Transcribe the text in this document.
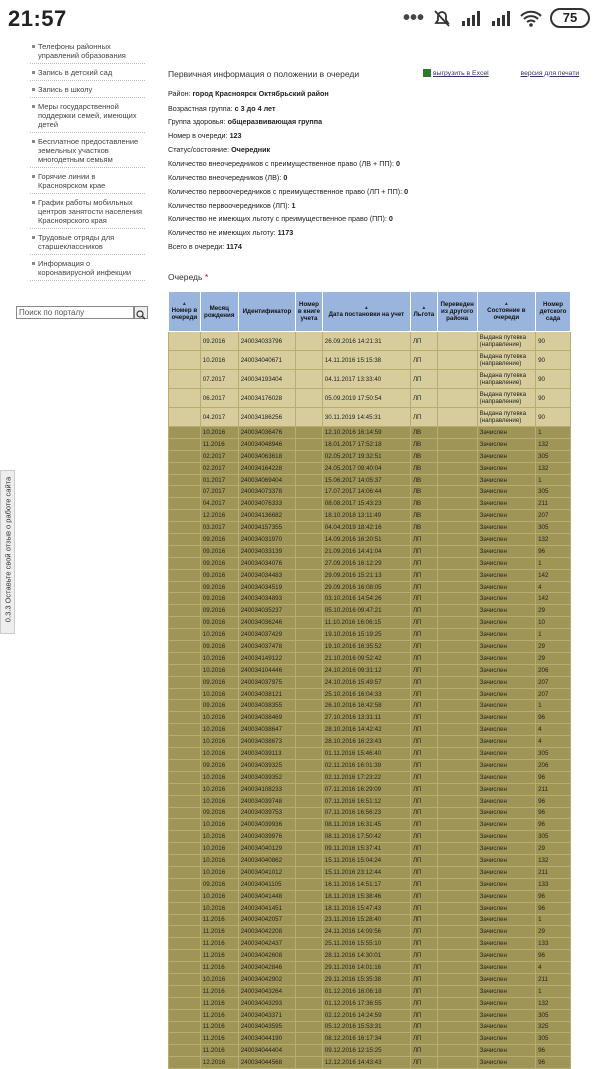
21:57	•••	75
Телефоны районных управлений образования
Запись в детский сад
Запись в школу
Меры государственной поддержки семей, имеющих детей
Бесплатное предоставление земельных участков многодетным семьям
Горячие линии в Красноярском крае
График работы мобильных центров занятости населения Красноярского края
Трудовые отряды для старшеклассников
Информация о коронавирусной инфекции
Поиск по порталу
0.3.3 Оставьте свой отзыв о работе сайта
Первичная информация о положении в очереди	выгрузить в Excel	версия для печати
Район: город Красноярск Октябрьский район
Возрастная группа: с 3 до 4 лет
Группа здоровья: общеразвивающая группа
Номер в очереди: 123
Статус/состояние: Очередник
Количество внеочередников с преимущественное право (ЛВ + ПП): 0
Количество внеочередников (ЛВ): 0
Количество первоочередников с преимущественное право (ЛП + ПП): 0
Количество первоочередников (ЛП): 1
Количество не имеющих льготу с преимущественное право (ПП): 0
Количество не имеющих льготу: 1173
Всего в очереди: 1174
Очередь *
▲
Номер в очереди	Месяц рождения	Идентификатор	Номер в книге учета	▲
Дата постановки на учет	▲
Льгота	Переведен из другого района	▲
Состояние в очереди	Номер детского сада
	09.2016	240034033796		26.09.2016 14:21:31	ЛП		Выдана путевка (направление)	90
	10.2016	240034040671		14.11.2016 15:15:38	ЛП		Выдана путевка (направление)	90
	07.2017	240034193404		04.11.2017 13:33:40	ЛП		Выдана путевка (направление)	90
	06.2017	240034176028		05.09.2019 17:50:54	ЛП		Выдана путевка (направление)	90
	04.2017	240034186256		30.11.2019 14:45:31	ЛП		Выдана путевка (направление)	90
	10.2016	240034036476		12.10.2016 16:14:59	ЛВ		Зачислен	1
	11.2016	240034048946		18.01.2017 17:52:18	ЛВ		Зачислен	132
	02.2017	240034063618		02.05.2017 19:32:51	ЛВ		Зачислен	305
	02.2017	240034164228		24.05.2017 09:40:04	ЛВ		Зачислен	132
	01.2017	240034069404		15.06.2017 14:05:37	ЛВ		Зачислен	1
	07.2017	240034073378		17.07.2017 14:06:44	ЛВ		Зачислен	305
	04.2017	240034076333		08.08.2017 15:43:23	ЛВ		Зачислен	211
	12.2016	240034136682		18.10.2018 13:11:49	ЛВ		Зачислен	207
	03.2017	240034157355		04.04.2019 18:42:16	ЛВ		Зачислен	305
	09.2016	240034031970		14.09.2016 16:20:51	ЛП		Зачислен	132
	09.2016	240034033139		21.09.2016 14:41:04	ЛП		Зачислен	96
	09.2016	240034034076		27.09.2016 16:12:29	ЛП		Зачислен	1
	09.2016	240034034483		29.09.2016 15:21:13	ЛП		Зачислен	142
	09.2016	240034034519		29.09.2016 16:08:05	ЛП		Зачислен	4
	09.2016	240034034893		03.10.2016 14:54:26	ЛП		Зачислен	142
	09.2016	240034035237		05.10.2016 09:47:21	ЛП		Зачислен	29
	09.2016	240034036246		11.10.2016 16:06:15	ЛП		Зачислен	10
	10.2016	240034037429		19.10.2016 15:19:25	ЛП		Зачислен	1
	09.2016	240034037478		19.10.2016 16:35:52	ЛП		Зачислен	29
	10.2016	240034149122		21.10.2016 09:52:42	ЛП		Зачислен	29
	10.2016	240034104446		24.10.2016 09:31:12	ЛП		Зачислен	206
	09.2016	240034037975		24.10.2016 15:49:57	ЛП		Зачислен	207
	10.2016	240034038121		25.10.2016 16:04:33	ЛП		Зачислен	207
	09.2016	240034038355		26.10.2016 16:42:58	ЛП		Зачислен	1
	10.2016	240034038469		27.10.2016 13:31:11	ЛП		Зачислен	96
	10.2016	240034038647		28.10.2016 14:42:42	ЛП		Зачислен	4
	10.2016	240034038673		28.10.2016 16:23:43	ЛП		Зачислен	4
	10.2016	240034039113		01.11.2016 15:46:40	ЛП		Зачислен	305
	09.2016	240034039325		02.11.2016 16:01:39	ЛП		Зачислен	206
	10.2016	240034039352		02.11.2016 17:23:22	ЛП		Зачислен	96
	10.2016	240034108233		07.11.2016 16:29:09	ЛП		Зачислен	211
	10.2016	240034039748		07.11.2016 16:51:12	ЛП		Зачислен	96
	09.2016	240034039753		07.11.2016 16:56:23	ЛП		Зачислен	96
	10.2016	240034039936		08.11.2016 16:31:45	ЛП		Зачислен	96
	10.2016	240034039976		08.11.2016 17:50:42	ЛП		Зачислен	305
	10.2016	240034040129		09.11.2016 15:37:41	ЛП		Зачислен	29
	10.2016	240034040862		15.11.2016 15:04:24	ЛП		Зачислен	132
	10.2016	240034041012		15.11.2016 23:12:44	ЛП		Зачислен	211
	09.2016	240034041105		16.11.2016 14:51:17	ЛП		Зачислен	133
	10.2016	240034041448		18.11.2016 15:38:46	ЛП		Зачислен	96
	10.2016	240034041451		18.11.2016 15:47:43	ЛП		Зачислен	96
	11.2016	240034042057		23.11.2016 15:28:40	ЛП		Зачислен	1
	11.2016	240034042208		24.11.2016 14:09:56	ЛП		Зачислен	29
	11.2016	240034042437		25.11.2016 15:55:10	ЛП		Зачислен	133
	11.2016	240034042608		28.11.2016 14:30:01	ЛП		Зачислен	96
	11.2016	240034042846		29.11.2016 14:01:16	ЛП		Зачислен	4
	10.2016	240034042902		29.11.2016 15:35:38	ЛП		Зачислен	211
	11.2016	240034043264		01.12.2016 16:06:18	ЛП		Зачислен	1
	11.2016	240034043293		01.12.2016 17:36:55	ЛП		Зачислен	132
	11.2016	240034043371		02.12.2016 14:24:59	ЛП		Зачислен	305
	11.2016	240034043595		05.12.2016 15:53:31	ЛП		Зачислен	325
	11.2016	240034044190		08.12.2016 16:17:34	ЛП		Зачислен	305
	11.2016	240034044404		09.12.2016 12:15:25	ЛП		Зачислен	96
	12.2016	240034044568		12.12.2016 14:43:43	ЛП		Зачислен	96
